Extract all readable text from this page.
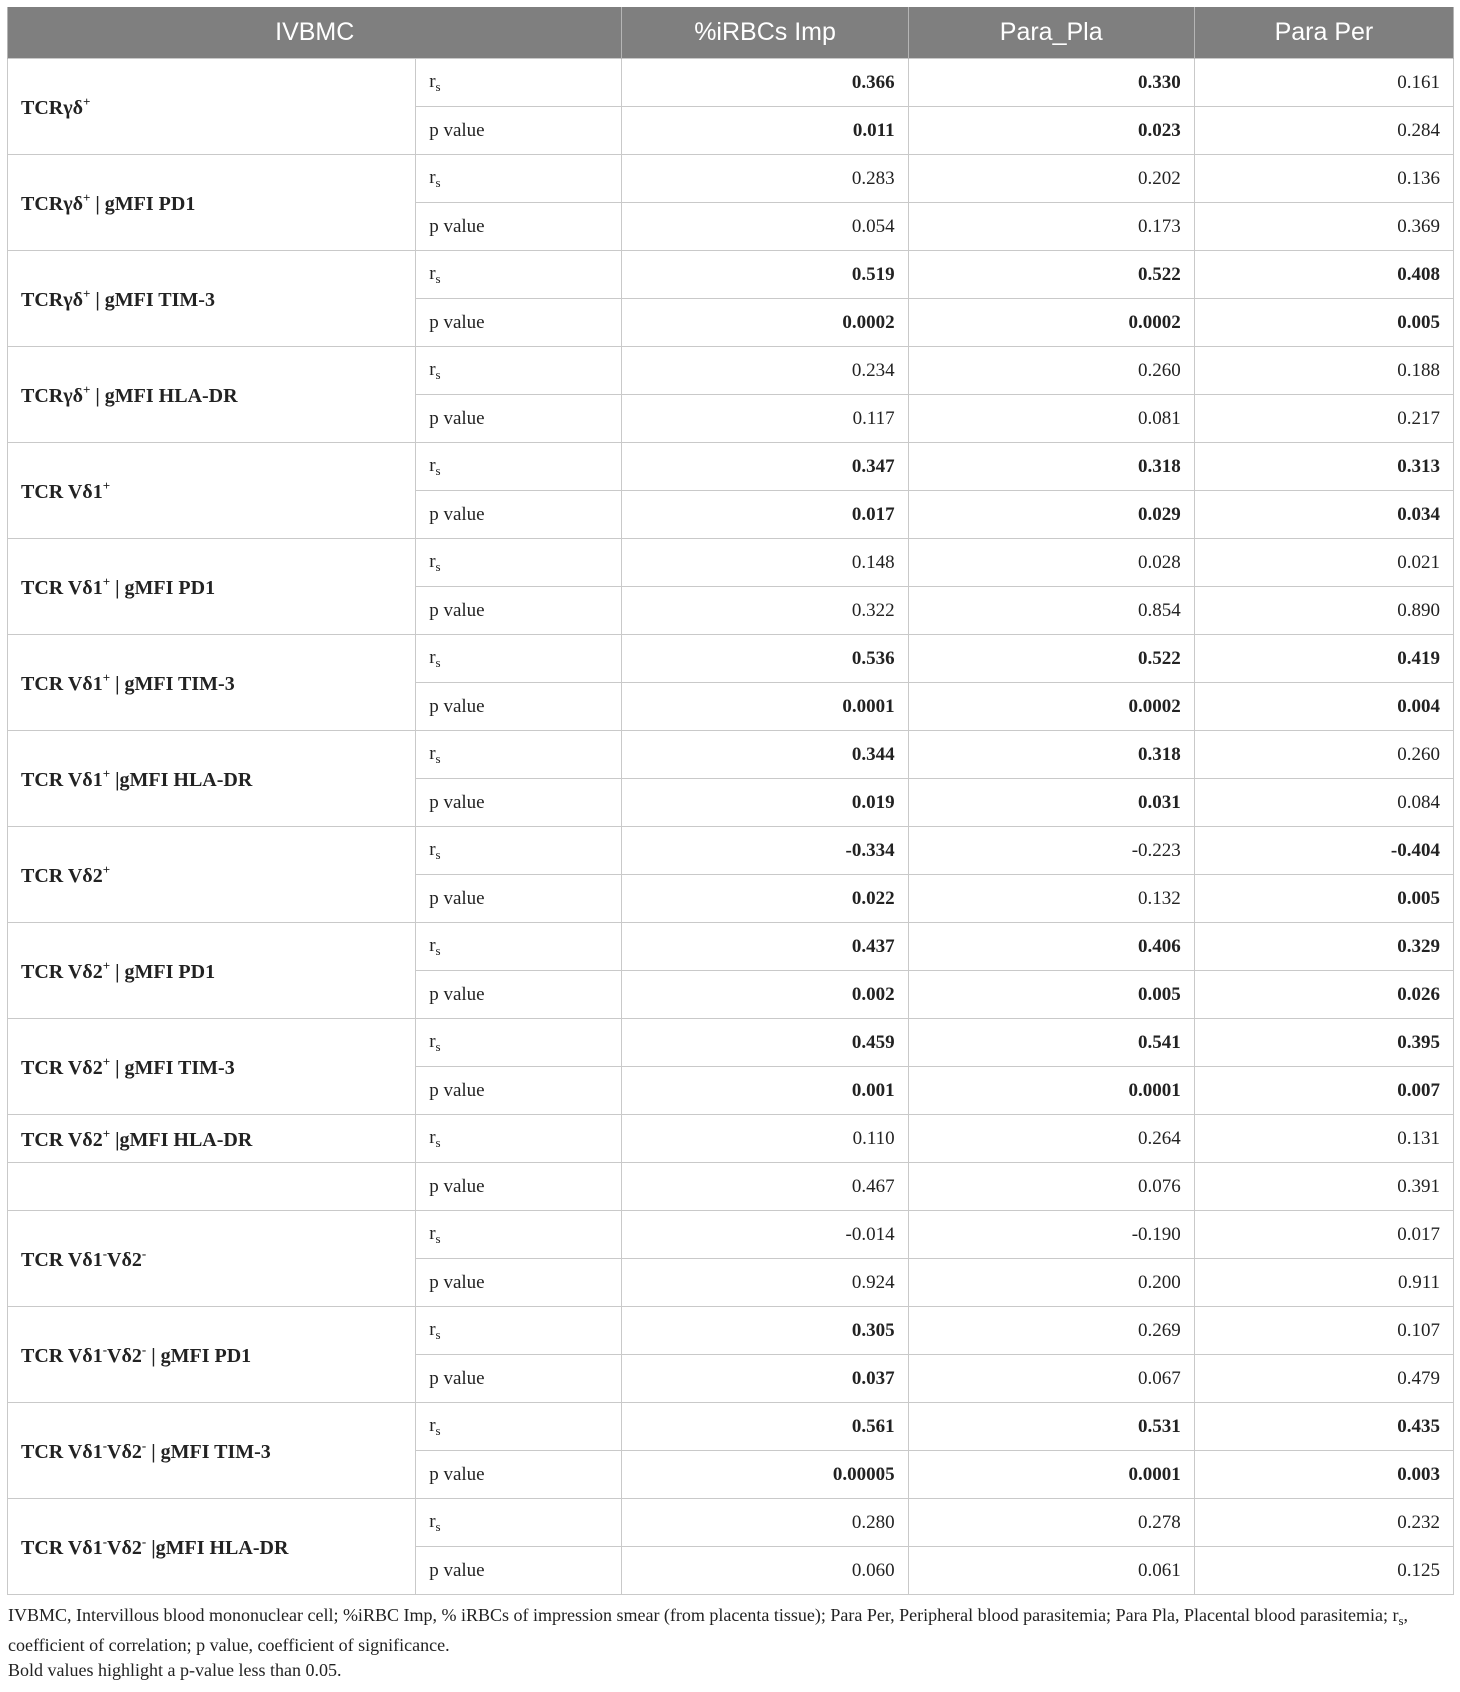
IVBMC		%iRBCs Imp	Para_Pla	Para Per
TCRγδ+	$r_s$	0.366	0.330	0.161
	p value	0.011	0.023	0.284
TCRγδ+ | gMFI PD1	$r_s$	0.283	0.202	0.136
	p value	0.054	0.173	0.369
TCRγδ+ | gMFI TIM-3	$r_s$	0.519	0.522	0.408
	p value	0.0002	0.0002	0.005
TCRγδ+ | gMFI HLA-DR	$r_s$	0.234	0.260	0.188
	p value	0.117	0.081	0.217
TCR Vδ1+	$r_s$	0.347	0.318	0.313
	p value	0.017	0.029	0.034
TCR Vδ1+ | gMFI PD1	$r_s$	0.148	0.028	0.021
	p value	0.322	0.854	0.890
TCR Vδ1+ | gMFI TIM-3	$r_s$	0.536	0.522	0.419
	p value	0.0001	0.0002	0.004
TCR Vδ1+ |gMFI HLA-DR	$r_s$	0.344	0.318	0.260
	p value	0.019	0.031	0.084
TCR Vδ2+	$r_s$	-0.334	-0.223	-0.404
	p value	0.022	0.132	0.005
TCR Vδ2+ | gMFI PD1	$r_s$	0.437	0.406	0.329
	p value	0.002	0.005	0.026
TCR Vδ2+ | gMFI TIM-3	$r_s$	0.459	0.541	0.395
	p value	0.001	0.0001	0.007
TCR Vδ2+ |gMFI HLA-DR	$r_s$	0.110	0.264	0.131
	p value	0.467	0.076	0.391
TCR Vδ1-Vδ2-	$r_s$	-0.014	-0.190	0.017
	p value	0.924	0.200	0.911
TCR Vδ1-Vδ2- | gMFI PD1	$r_s$	0.305	0.269	0.107
	p value	0.037	0.067	0.479
TCR Vδ1-Vδ2- | gMFI TIM-3	$r_s$	0.561	0.531	0.435
	p value	0.00005	0.0001	0.003
TCR Vδ1-Vδ2- |gMFI HLA-DR	$r_s$	0.280	0.278	0.232
	p value	0.060	0.061	0.125
IVBMC, Intervillous blood mononuclear cell; %iRBC Imp, % iRBCs of impression smear (from placenta tissue); Para Per, Peripheral blood parasitemia; Para Pla, Placental blood parasitemia; $r_s$, coefficient of correlation; p value, coefficient of significance.
Bold values highlight a p-value less than 0.05.
